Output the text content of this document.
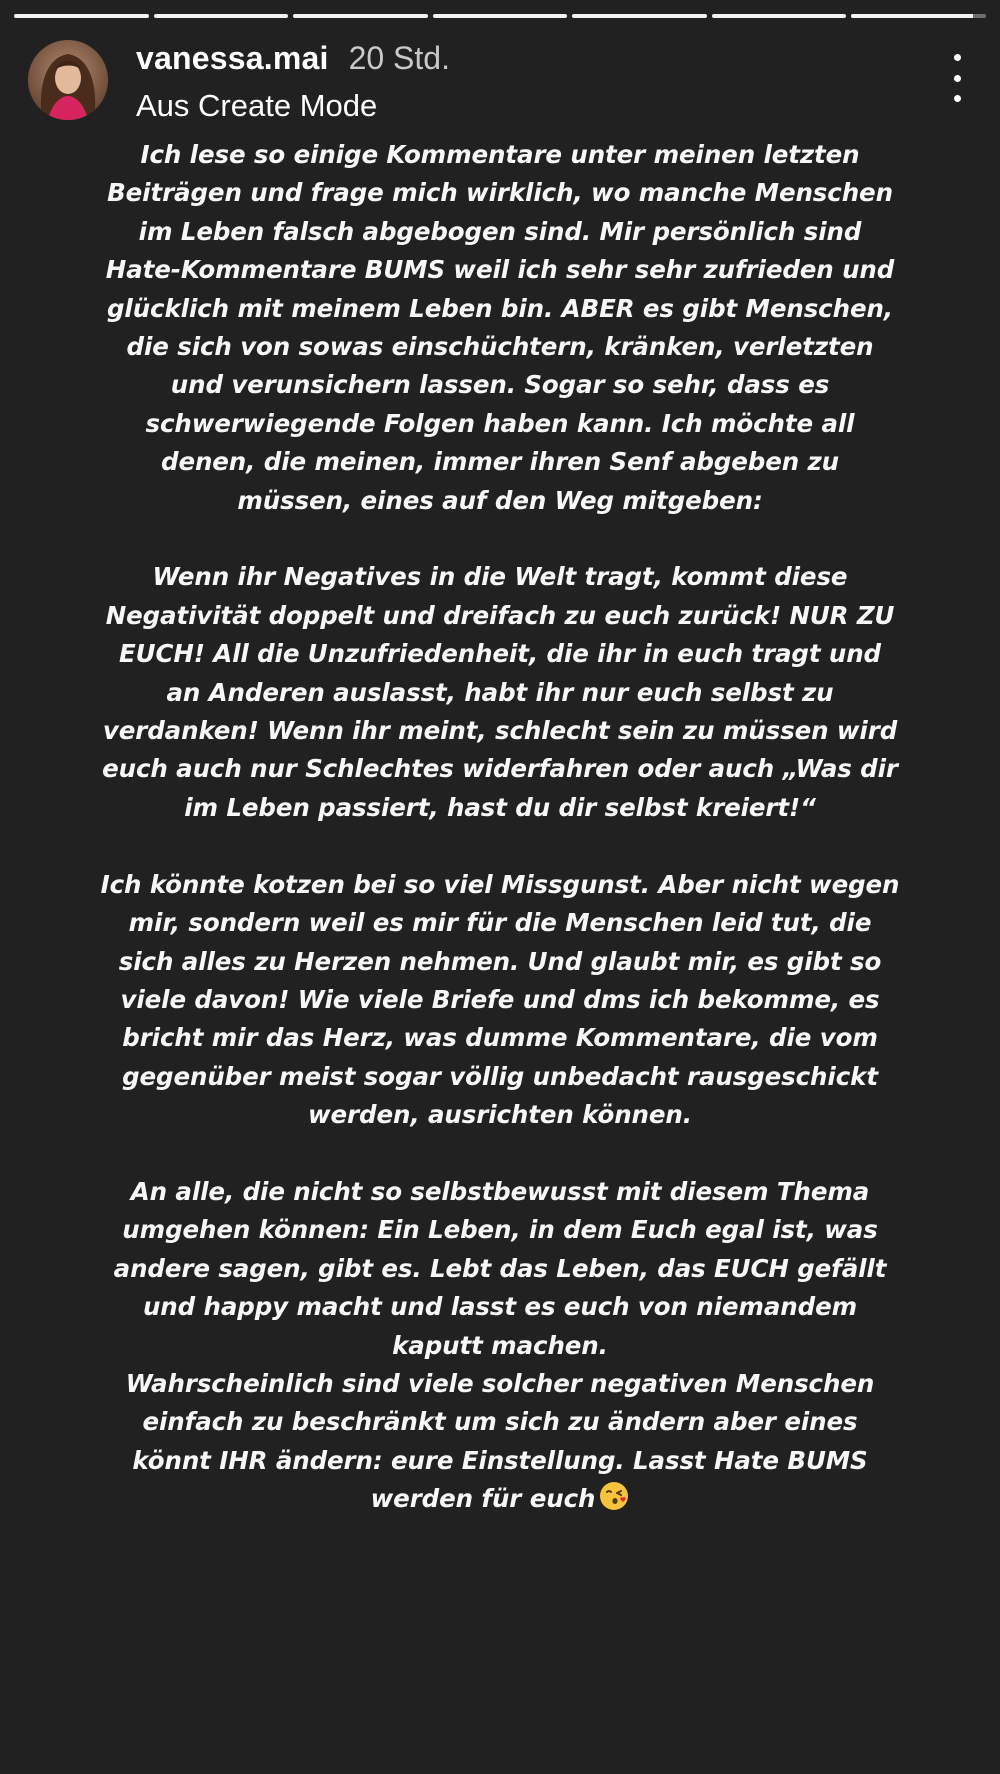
vanessa.mai 20 Std.
Aus Create Mode

Ich lese so einige Kommentare unter meinen letzten Beiträgen und frage mich wirklich, wo manche Menschen im Leben falsch abgebogen sind. Mir persönlich sind Hate-Kommentare BUMS weil ich sehr sehr zufrieden und glücklich mit meinem Leben bin. ABER es gibt Menschen, die sich von sowas einschüchtern, kränken, verletzten und verunsichern lassen. Sogar so sehr, dass es schwerwiegende Folgen haben kann. Ich möchte all denen, die meinen, immer ihren Senf abgeben zu müssen, eines auf den Weg mitgeben:

Wenn ihr Negatives in die Welt tragt, kommt diese Negativität doppelt und dreifach zu euch zurück! NUR ZU EUCH! All die Unzufriedenheit, die ihr in euch tragt und an Anderen auslasst, habt ihr nur euch selbst zu verdanken! Wenn ihr meint, schlecht sein zu müssen wird euch auch nur Schlechtes widerfahren oder auch „Was dir im Leben passiert, hast du dir selbst kreiert!“

Ich könnte kotzen bei so viel Missgunst. Aber nicht wegen mir, sondern weil es mir für die Menschen leid tut, die sich alles zu Herzen nehmen. Und glaubt mir, es gibt so viele davon! Wie viele Briefe und dms ich bekomme, es bricht mir das Herz, was dumme Kommentare, die vom gegenüber meist sogar völlig unbedacht rausgeschickt werden, ausrichten können.

An alle, die nicht so selbstbewusst mit diesem Thema umgehen können: Ein Leben, in dem Euch egal ist, was andere sagen, gibt es. Lebt das Leben, das EUCH gefällt und happy macht und lasst es euch von niemandem kaputt machen.

Wahrscheinlich sind viele solcher negativen Menschen einfach zu beschränkt um sich zu ändern aber eines könnt IHR ändern: eure Einstellung. Lasst Hate BUMS werden für euch
